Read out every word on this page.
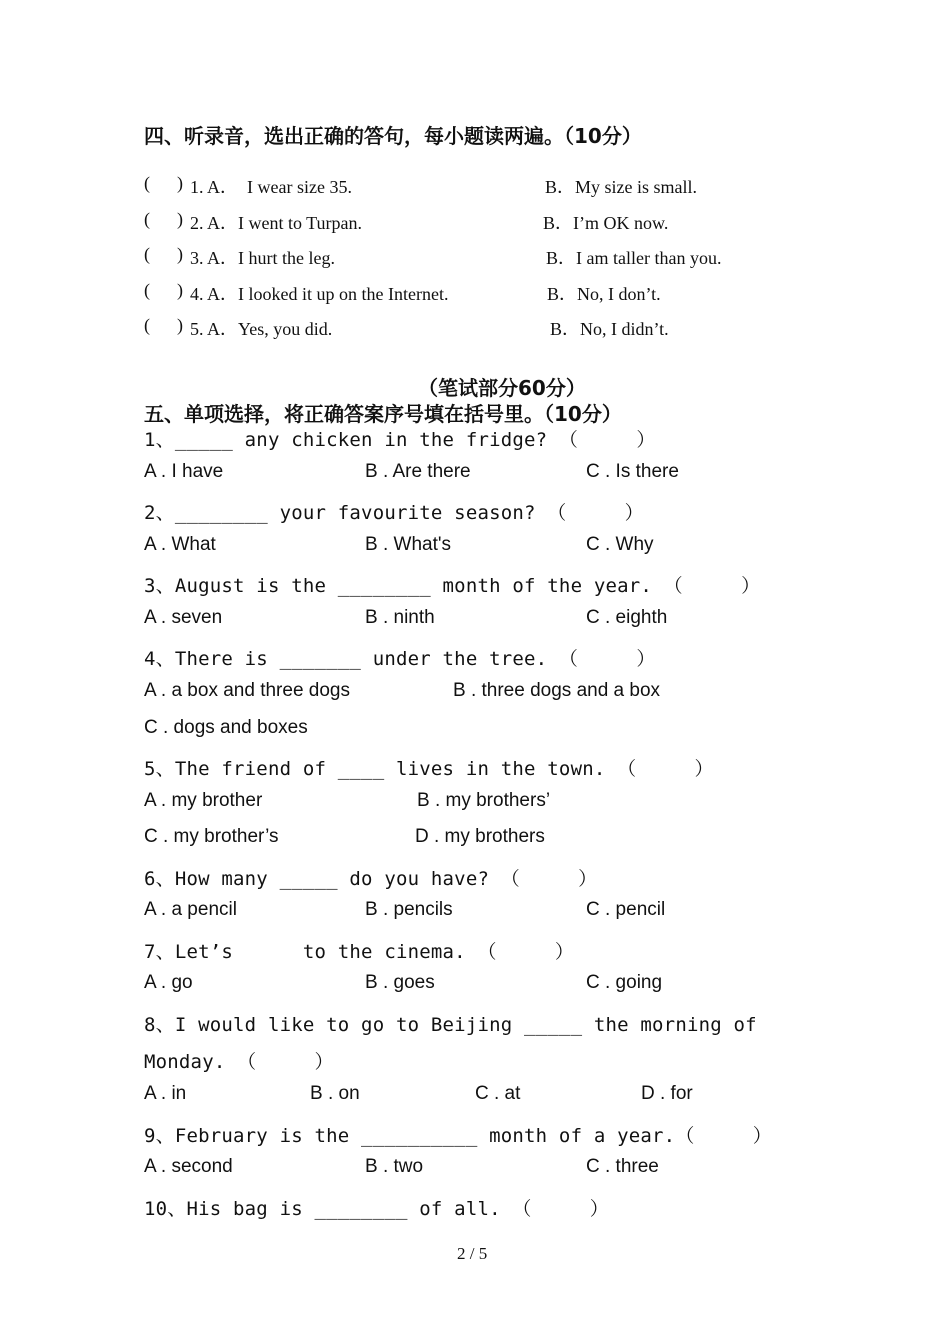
四、听录音，选出正确的答句，每小题读两遍。（10分）
(      ) 1. A．  I wear size 35.	B．My size is small.
(      ) 2. A．I went to Turpan.	B．I’m OK now.
(      ) 3. A．I hurt the leg.	B．I am taller than you.
(      ) 4. A．I looked it up on the Internet.	B．No, I don’t.
(      ) 5. A．Yes, you did.	B．No, I didn’t.
（笔试部分60分）
五、单项选择，将正确答案序号填在括号里。（10分）
1、_____ any chicken in the fridge? （     ）
A . I have	B . Are there	C . Is there
2、________ your favourite season? （     ）
A . What	B . What's	C . Why
3、August is the ________ month of the year. （     ）
A . seven	B . ninth	C . eighth
4、There is _______ under the tree. （     ）
A . a box and three dogs	B . three dogs and a box
C . dogs and boxes
5、The friend of ____ lives in the town. （     ）
A . my brother	B . my brothers’
C . my brother’s	D . my brothers
6、How many _____ do you have? （     ）
A . a pencil	B . pencils	C . pencil
7、Let’s      to the cinema. （     ）
A . go	B . goes	C . going
8、I would like to go to Beijing _____ the morning of
Monday. （     ）
A . in	B . on	C . at	D . for
9、February is the __________ month of a year.（     ）
A . second	B . two	C . three
10、His bag is ________ of all. （     ）
2 / 5
